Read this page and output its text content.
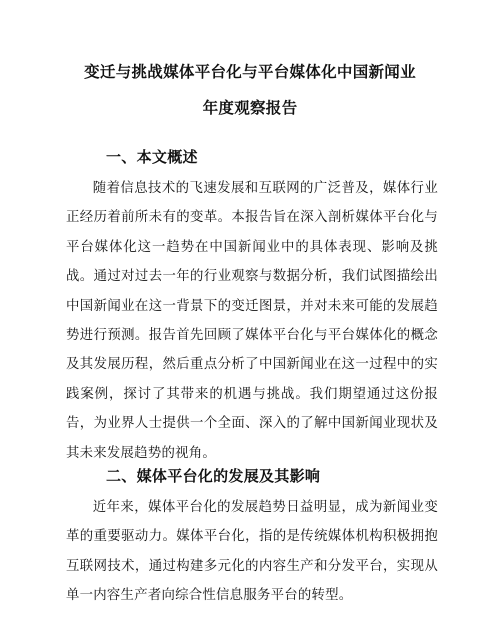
变迁与挑战媒体平台化与平台媒体化中国新闻业
年度观察报告
一、本文概述

随着信息技术的飞速发展和互联网的广泛普及，媒体行业正经历着前所未有的变革。本报告旨在深入剖析媒体平台化与平台媒体化这一趋势在中国新闻业中的具体表现、影响及挑战。通过对过去一年的行业观察与数据分析，我们试图描绘出中国新闻业在这一背景下的变迁图景，并对未来可能的发展趋势进行预测。报告首先回顾了媒体平台化与平台媒体化的概念及其发展历程，然后重点分析了中国新闻业在这一过程中的实践案例，探讨了其带来的机遇与挑战。我们期望通过这份报告，为业界人士提供一个全面、深入的了解中国新闻业现状及其未来发展趋势的视角。

二、媒体平台化的发展及其影响

近年来，媒体平台化的发展趋势日益明显，成为新闻业变革的重要驱动力。媒体平台化，指的是传统媒体机构积极拥抱互联网技术，通过构建多元化的内容生产和分发平台，实现从单一内容生产者向综合性信息服务平台的转型。
